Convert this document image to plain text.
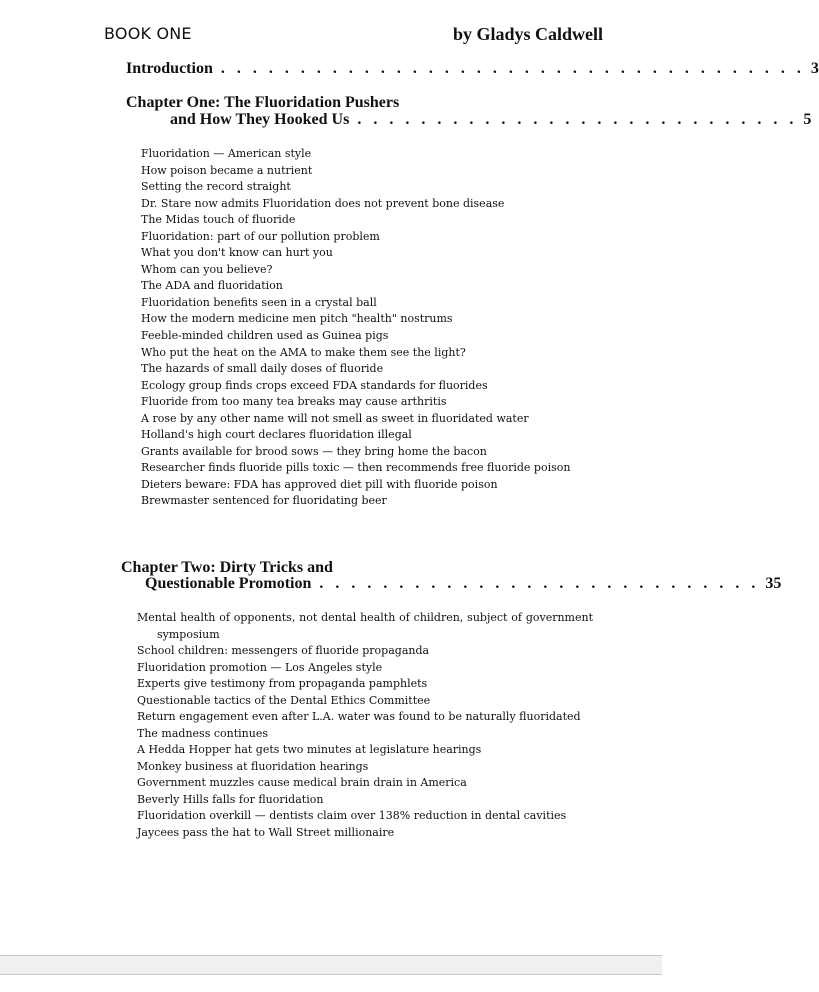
BOOK ONE	by Gladys Caldwell
Introduction . . . . . . . . . . . . . . . . . . . . . . . . . . . . . . . . . . . . . 3
Chapter One: The Fluoridation Pushers
and How They Hooked Us . . . . . . . . . . . . . . . . . . . . . . . . . . . . 5
Fluoridation — American style
How poison became a nutrient
Setting the record straight
Dr. Stare now admits Fluoridation does not prevent bone disease
The Midas touch of fluoride
Fluoridation: part of our pollution problem
What you don't know can hurt you
Whom can you believe?
The ADA and fluoridation
Fluoridation benefits seen in a crystal ball
How the modern medicine men pitch "health" nostrums
Feeble-minded children used as Guinea pigs
Who put the heat on the AMA to make them see the light?
The hazards of small daily doses of fluoride
Ecology group finds crops exceed FDA standards for fluorides
Fluoride from too many tea breaks may cause arthritis
A rose by any other name will not smell as sweet in fluoridated water
Holland's high court declares fluoridation illegal
Grants available for brood sows — they bring home the bacon
Researcher finds fluoride pills toxic — then recommends free fluoride poison
Dieters beware: FDA has approved diet pill with fluoride poison
Brewmaster sentenced for fluoridating beer
Chapter Two: Dirty Tricks and
Questionable Promotion . . . . . . . . . . . . . . . . . . . . . . . . . . . . 35
Mental health of opponents, not dental health of children, subject of government symposium
School children: messengers of fluoride propaganda
Fluoridation promotion — Los Angeles style
Experts give testimony from propaganda pamphlets
Questionable tactics of the Dental Ethics Committee
Return engagement even after L.A. water was found to be naturally fluoridated
The madness continues
A Hedda Hopper hat gets two minutes at legislature hearings
Monkey business at fluoridation hearings
Government muzzles cause medical brain drain in America
Beverly Hills falls for fluoridation
Fluoridation overkill — dentists claim over 138% reduction in dental cavities
Jaycees pass the hat to Wall Street millionaire
